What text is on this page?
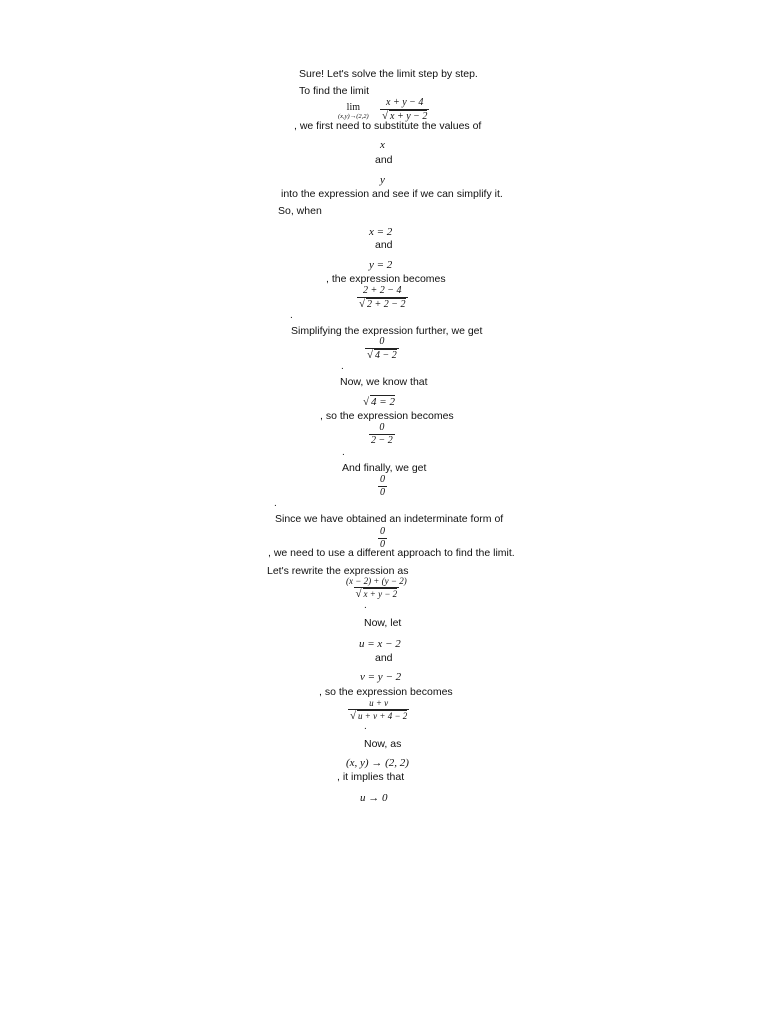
Sure! Let's solve the limit step by step.
To find the limit
lim
$(x,y)\to(2,2) \frac{x + y - 4}{√ x + y - 2}$
, we first need to substitute the values of
x
and
y
into the expression and see if we can simplify it.
So, when
x = 2
and
y = 2
, the expression becomes
$\frac{2 + 2 - 4}{√ 2 + 2 - 2}$
.
Simplifying the expression further, we get
$\frac{0}{√ 4 - 2}$
.
Now, we know that
√ 4 = 2
, so the expression becomes
$\frac{0}{2 - 2}$
.
And finally, we get
$\frac{0}{0}$
.
Since we have obtained an indeterminate form of
$\frac{0}{0}$
, we need to use a different approach to find the limit.
Let's rewrite the expression as
$\frac{(x - 2) + (y - 2)}{√ x + y - 2}$
.
Now, let
u = x − 2
and
v = y − 2
, so the expression becomes
$\frac{u + v}{√ u + v + 4 - 2}$
.
Now, as
(x, y) → (2, 2)
, it implies that
u → 0
